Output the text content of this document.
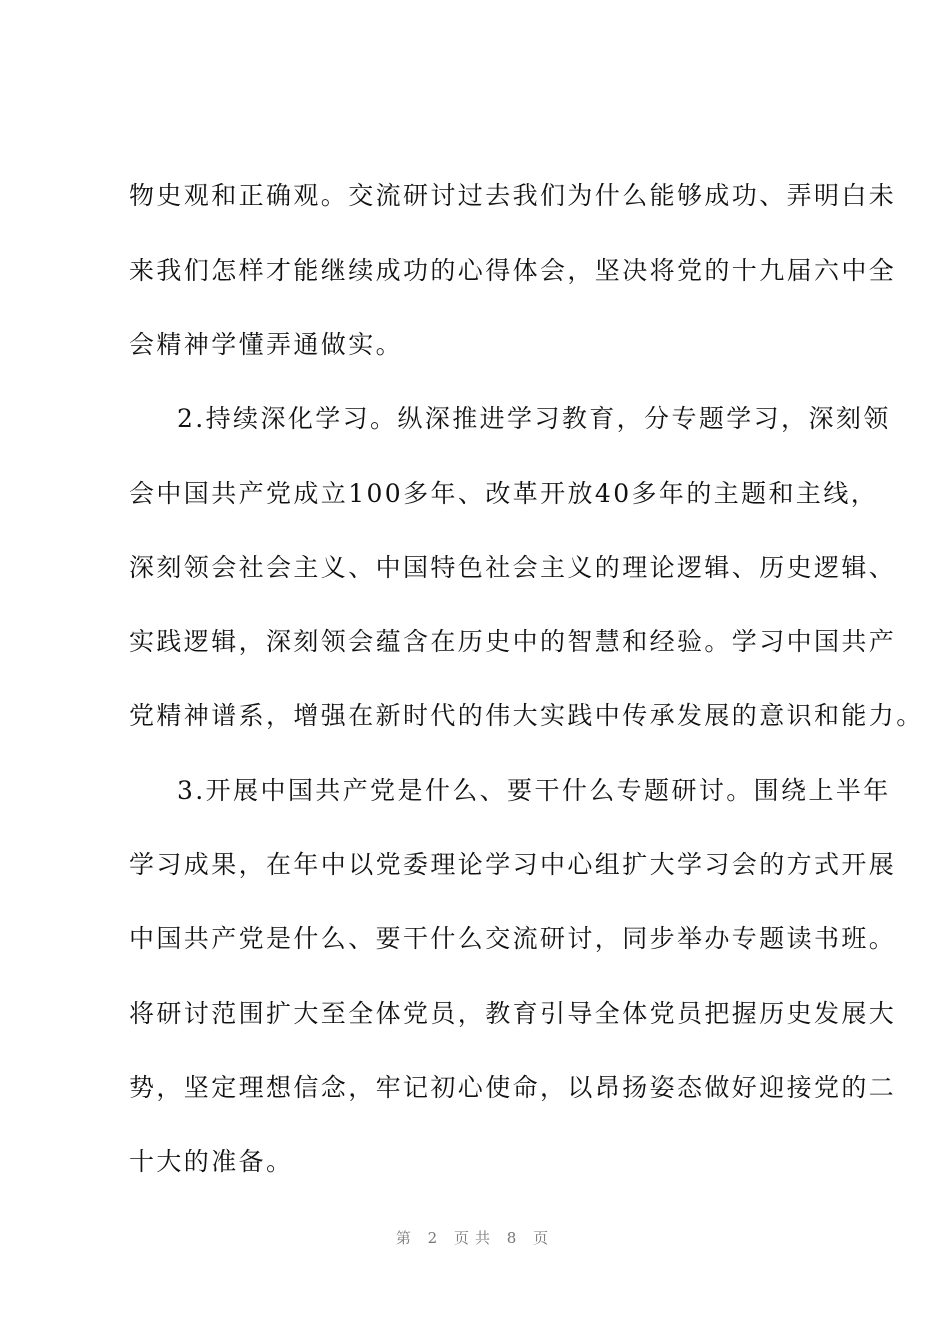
物史观和正确观。交流研讨过去我们为什么能够成功、弄明白未
来我们怎样才能继续成功的心得体会，坚决将党的十九届六中全
会精神学懂弄通做实。
2.持续深化学习。纵深推进学习教育，分专题学习，深刻领
会中国共产党成立100多年、改革开放40多年的主题和主线，
深刻领会社会主义、中国特色社会主义的理论逻辑、历史逻辑、
实践逻辑，深刻领会蕴含在历史中的智慧和经验。学习中国共产
党精神谱系，增强在新时代的伟大实践中传承发展的意识和能力。
3.开展中国共产党是什么、要干什么专题研讨。围绕上半年
学习成果，在年中以党委理论学习中心组扩大学习会的方式开展
中国共产党是什么、要干什么交流研讨，同步举办专题读书班。
将研讨范围扩大至全体党员，教育引导全体党员把握历史发展大
势，坚定理想信念，牢记初心使命，以昂扬姿态做好迎接党的二
十大的准备。
第 2 页共 8 页
